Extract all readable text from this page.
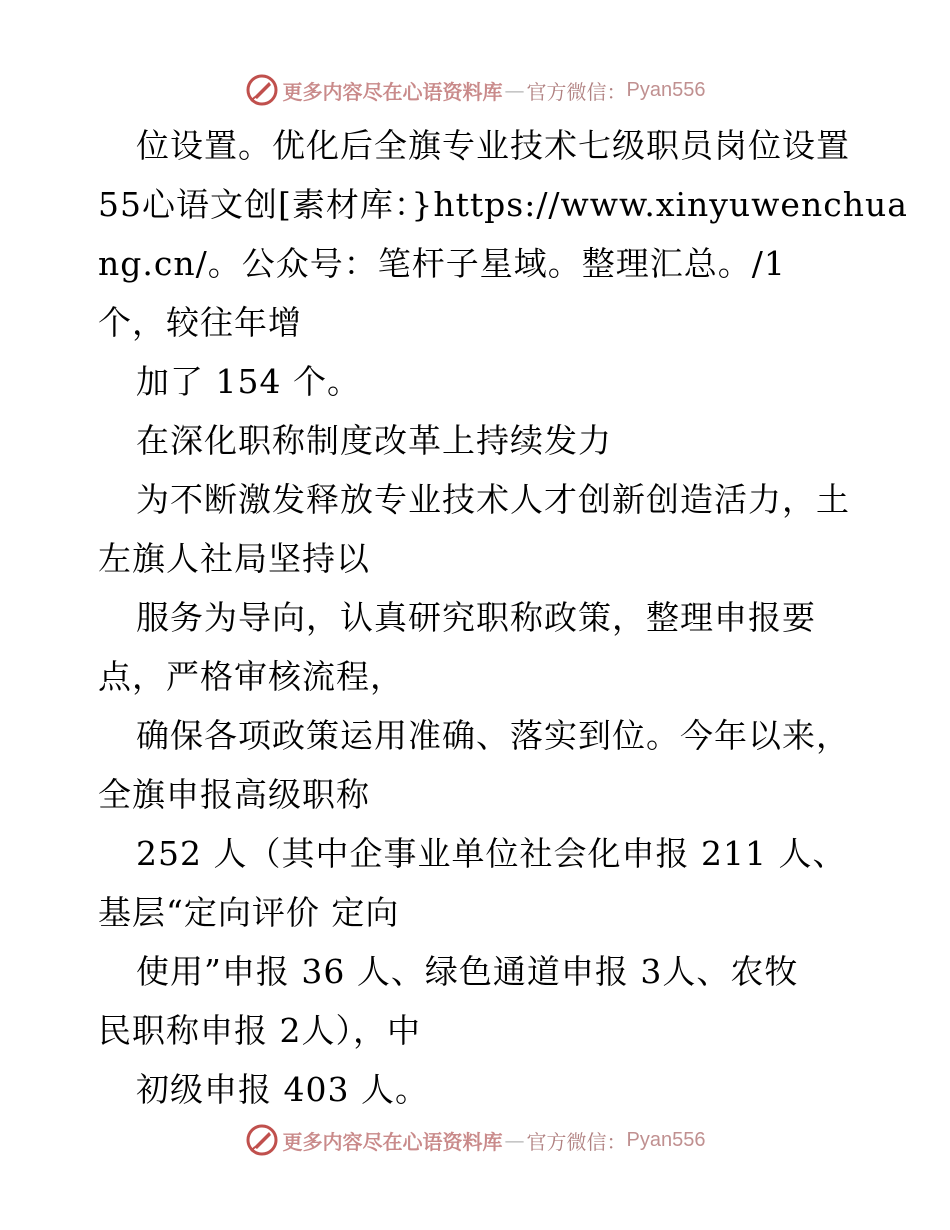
更多内容尽在心语资料库 — 官方微信： Pyan556
位设置。优化后全旗专业技术七级职员岗位设置
55心语文创[素材库：}https://www.xinyuwenchua
ng.cn/。公众号：笔杆子星域。整理汇总。/1
个，较往年增
加了 154 个。
在深化职称制度改革上持续发力
为不断激发释放专业技术人才创新创造活力，土
左旗人社局坚持以
服务为导向，认真研究职称政策，整理申报要
点，严格审核流程，
确保各项政策运用准确、落实到位。今年以来，
全旗申报高级职称
252 人（其中企事业单位社会化申报 211 人、
基层“定向评价 定向
使用”申报 36 人、绿色通道申报 3人、农牧
民职称申报 2人），中
初级申报 403 人。
更多内容尽在心语资料库 — 官方微信： Pyan556
